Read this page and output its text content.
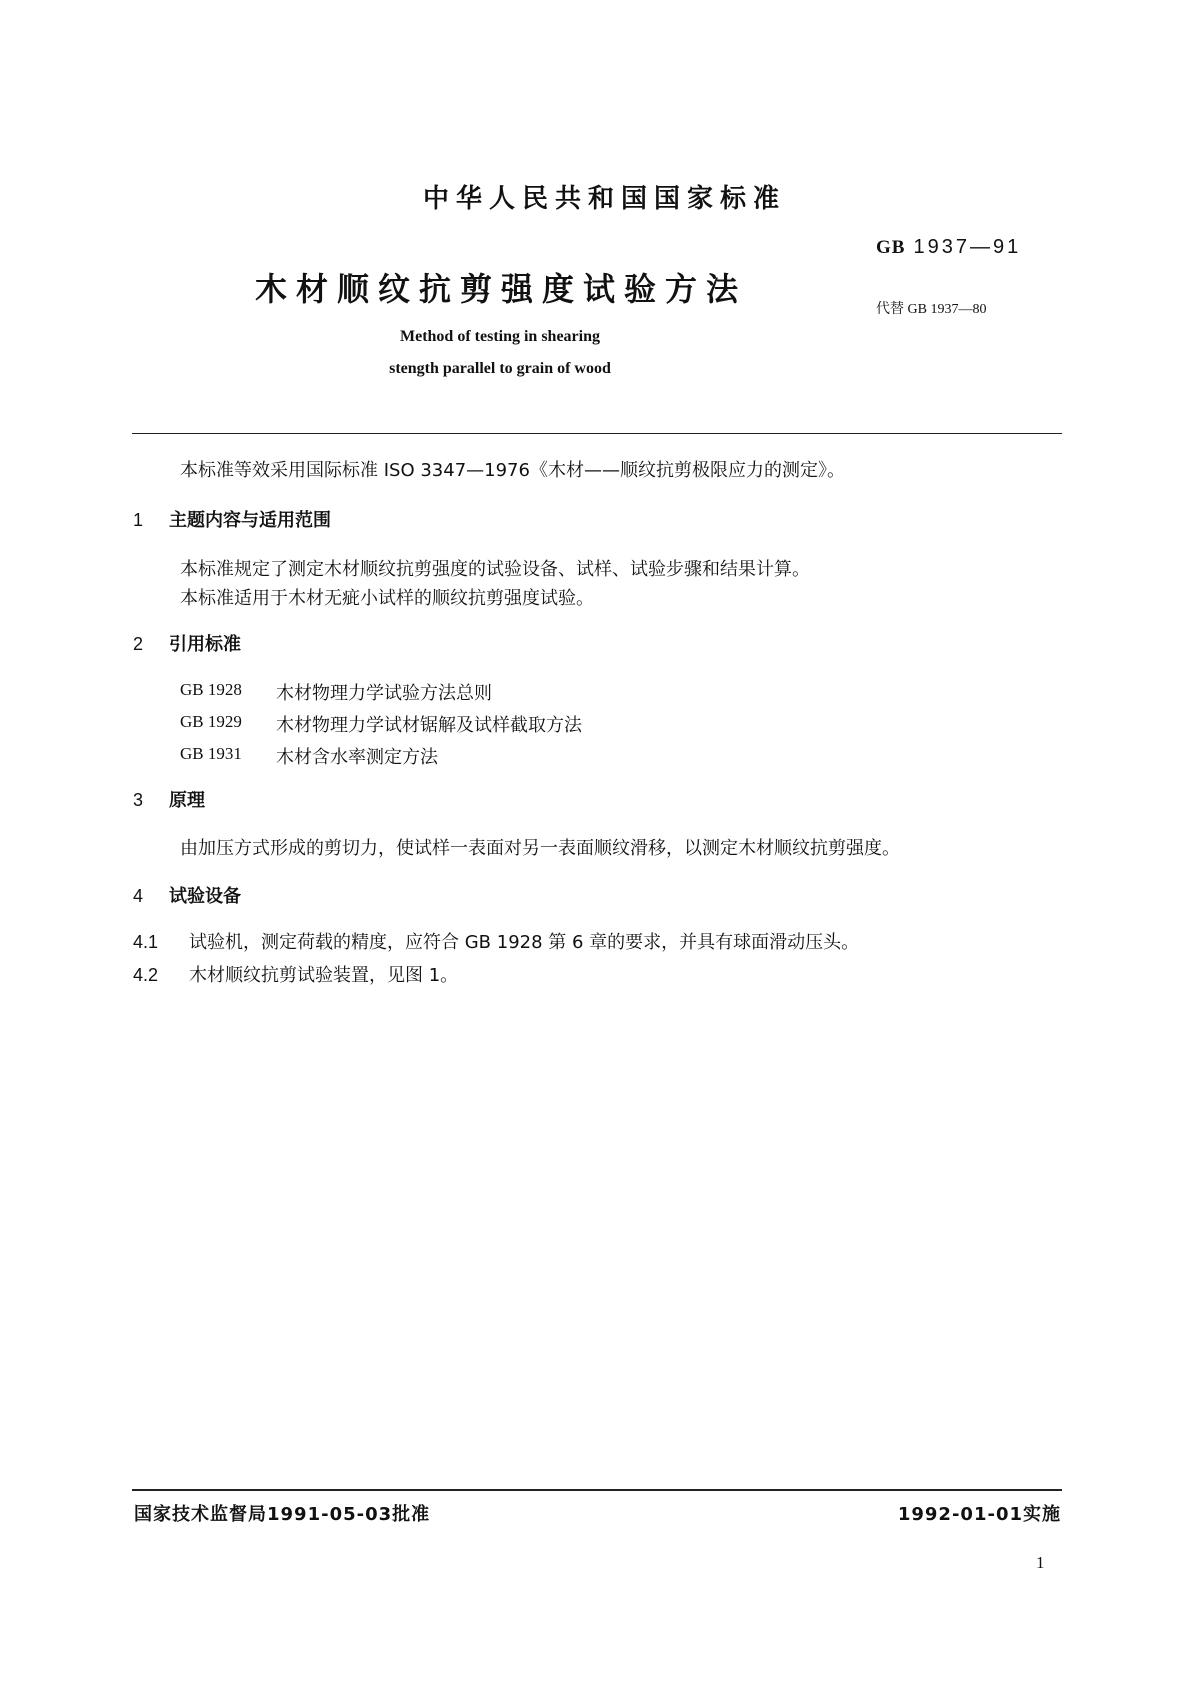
中华人民共和国国家标准
GB 1937—91
木材顺纹抗剪强度试验方法
代替 GB 1937—80
Method of testing in shearing
stength parallel to grain of wood
本标准等效采用国际标准 ISO 3347—1976《木材——顺纹抗剪极限应力的测定》。
1 主题内容与适用范围
本标准规定了测定木材顺纹抗剪强度的试验设备、试样、试验步骤和结果计算。
本标准适用于木材无疵小试样的顺纹抗剪强度试验。
2 引用标准
GB 1928	木材物理力学试验方法总则
GB 1929	木材物理力学试材锯解及试样截取方法
GB 1931	木材含水率测定方法
3 原理
由加压方式形成的剪切力，使试样一表面对另一表面顺纹滑移，以测定木材顺纹抗剪强度。
4 试验设备
4.1 试验机，测定荷载的精度，应符合 GB 1928 第 6 章的要求，并具有球面滑动压头。
4.2 木材顺纹抗剪试验装置，见图 1。
国家技术监督局1991-05-03批准	1992-01-01实施
1
